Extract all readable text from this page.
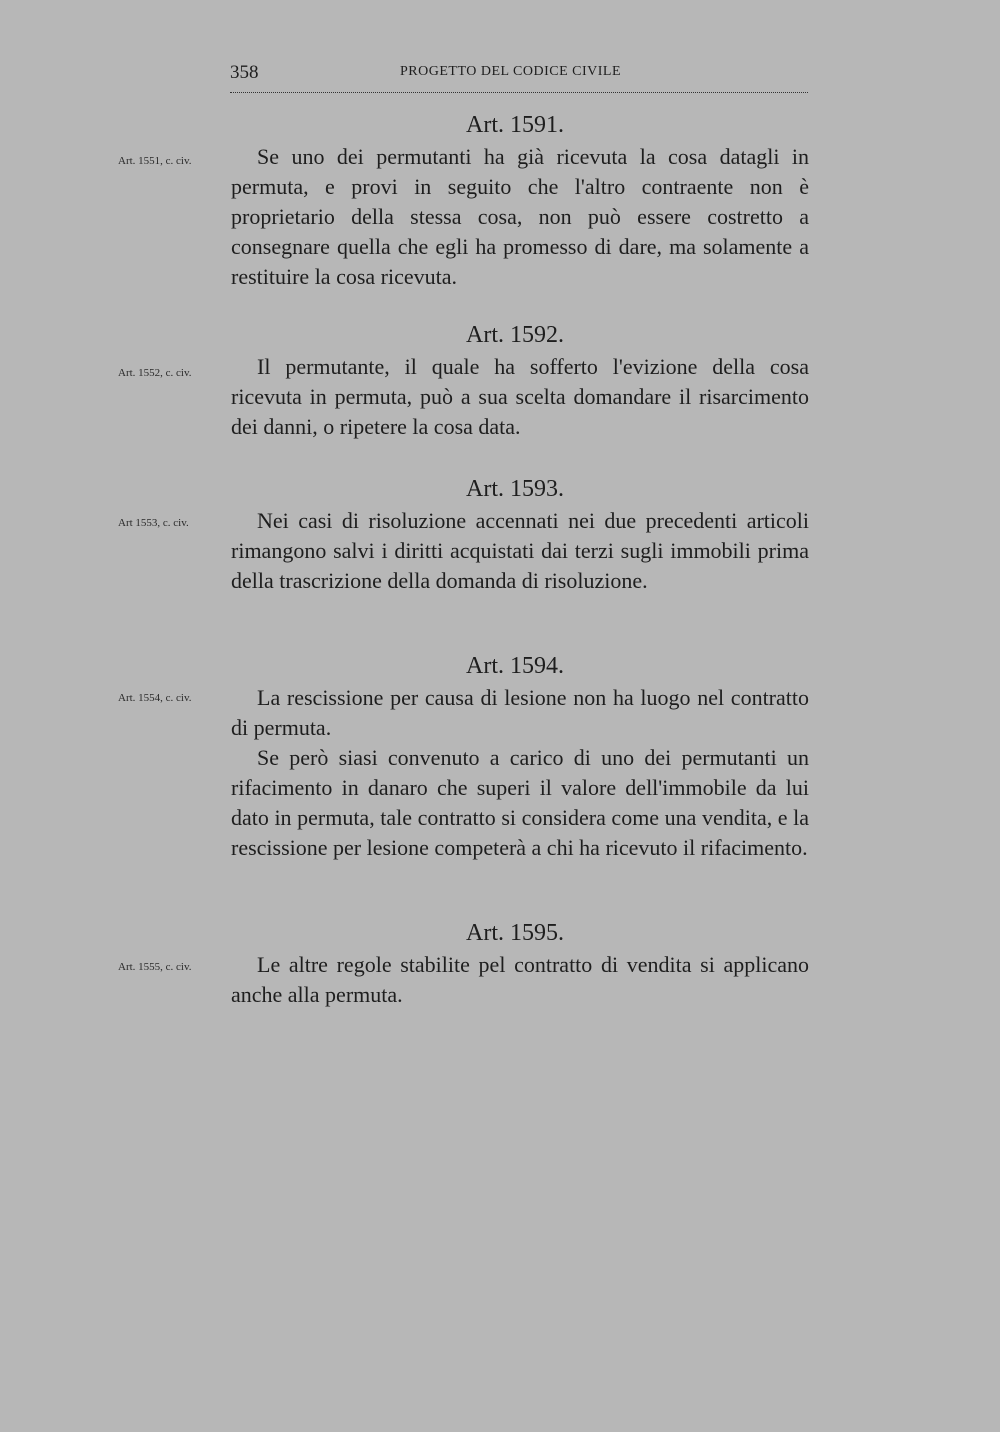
358	PROGETTO DEL CODICE CIVILE
Art. 1591.
Art. 1551, c. civ.	Se uno dei permutanti ha già ricevuta la cosa datagli in permuta, e provi in seguito che l'altro contraente non è proprietario della stessa cosa, non può essere costretto a consegnare quella che egli ha promesso di dare, ma solamente a restituire la cosa ricevuta.

Art. 1592.
Art. 1552, c. civ.	Il permutante, il quale ha sofferto l'evizione della cosa ricevuta in permuta, può a sua scelta domandare il risarcimento dei danni, o ripetere la cosa data.

Art. 1593.
Art 1553, c. civ.	Nei casi di risoluzione accennati nei due precedenti articoli rimangono salvi i diritti acquistati dai terzi sugli immobili prima della trascrizione della domanda di risoluzione.

Art. 1594.
Art. 1554, c. civ.	La rescissione per causa di lesione non ha luogo nel contratto di permuta.

Se però siasi convenuto a carico di uno dei permutanti un rifacimento in danaro che superi il valore dell'immobile da lui dato in permuta, tale contratto si considera come una vendita, e la rescissione per lesione competerà a chi ha ricevuto il rifacimento.

Art. 1595.
Art. 1555, c. civ.	Le altre regole stabilite pel contratto di vendita si applicano anche alla permuta.
